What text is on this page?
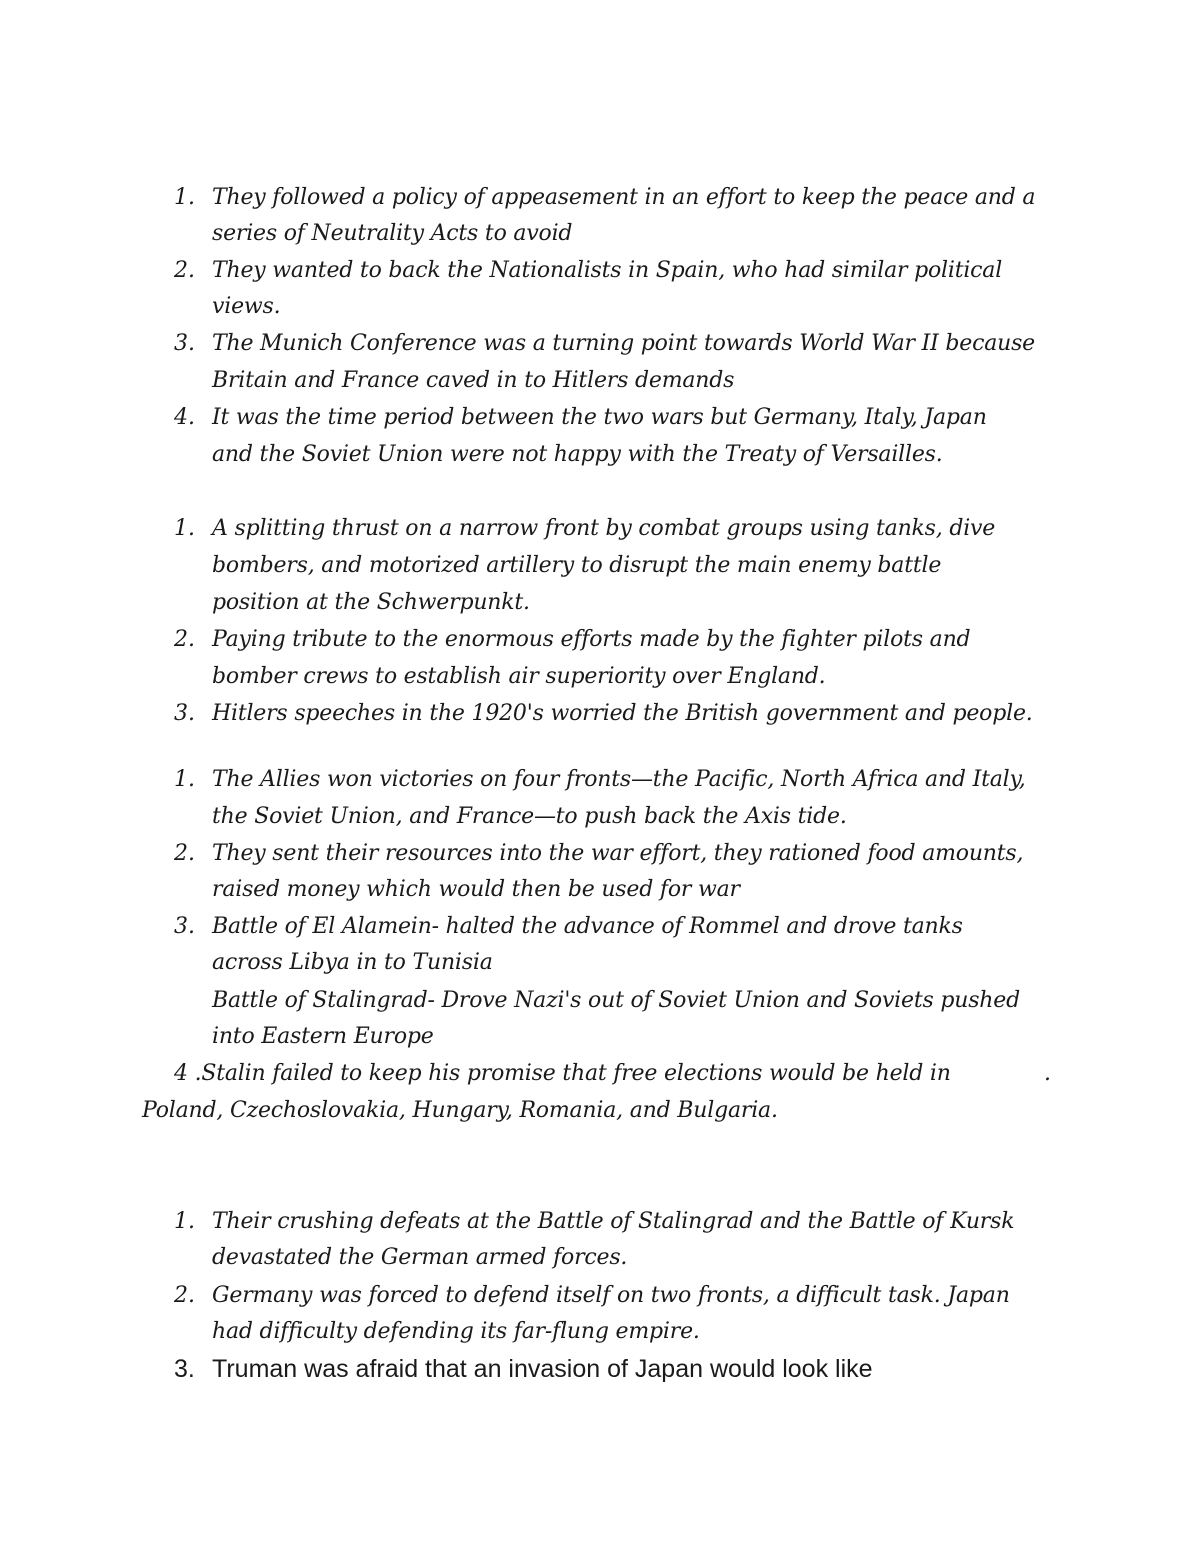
1. They followed a policy of appeasement in an effort to keep the peace and a
series of Neutrality Acts to avoid
2. They wanted to back the Nationalists in Spain, who had similar political
views.
3. The Munich Conference was a turning point towards World War II because
Britain and France caved in to Hitlers demands
4. It was the time period between the two wars but Germany, Italy, Japan
and the Soviet Union were not happy with the Treaty of Versailles.
1. A splitting thrust on a narrow front by combat groups using tanks, dive
bombers, and motorized artillery to disrupt the main enemy battle
position at the Schwerpunkt.
2. Paying tribute to the enormous efforts made by the fighter pilots and
bomber crews to establish air superiority over England.
3. Hitlers speeches in the 1920's worried the British government and people.
1. The Allies won victories on four fronts—the Pacific, North Africa and Italy,
the Soviet Union, and France—to push back the Axis tide.
2. They sent their resources into the war effort, they rationed food amounts,
raised money which would then be used for war
3. Battle of El Alamein- halted the advance of Rommel and drove tanks
across Libya in to Tunisia
Battle of Stalingrad- Drove Nazi's out of Soviet Union and Soviets pushed
into Eastern Europe
4 .Stalin failed to keep his promise that free elections would be held in	.
Poland, Czechoslovakia, Hungary, Romania, and Bulgaria.
1. Their crushing defeats at the Battle of Stalingrad and the Battle of Kursk
devastated the German armed forces.
2. Germany was forced to defend itself on two fronts, a difficult task. Japan
had difficulty defending its far-flung empire.
3. Truman was afraid that an invasion of Japan would look like
